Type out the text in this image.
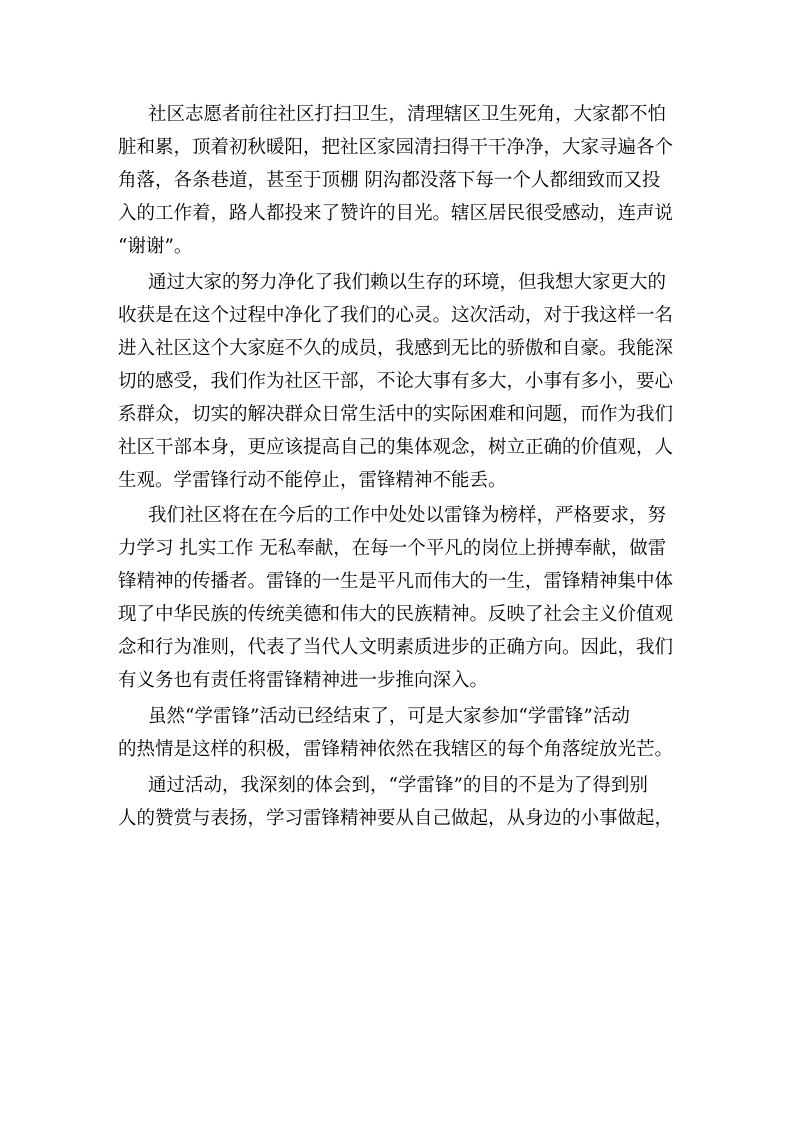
社区志愿者前往社区打扫卫生，清理辖区卫生死角，大家都不怕
脏和累，顶着初秋暖阳，把社区家园清扫得干干净净，大家寻遍各个
角落，各条巷道，甚至于顶棚 阴沟都没落下每一个人都细致而又投
入的工作着，路人都投来了赞许的目光。辖区居民很受感动，连声说
“谢谢”。

通过大家的努力净化了我们赖以生存的环境，但我想大家更大的
收获是在这个过程中净化了我们的心灵。这次活动，对于我这样一名
进入社区这个大家庭不久的成员，我感到无比的骄傲和自豪。我能深
切的感受，我们作为社区干部，不论大事有多大，小事有多小，要心
系群众，切实的解决群众日常生活中的实际困难和问题，而作为我们
社区干部本身，更应该提高自己的集体观念，树立正确的价值观，人
生观。学雷锋行动不能停止，雷锋精神不能丢。

我们社区将在在今后的工作中处处以雷锋为榜样，严格要求，努
力学习 扎实工作 无私奉献，在每一个平凡的岗位上拼搏奉献，做雷
锋精神的传播者。雷锋的一生是平凡而伟大的一生，雷锋精神集中体
现了中华民族的传统美德和伟大的民族精神。反映了社会主义价值观
念和行为准则，代表了当代人文明素质进步的正确方向。因此，我们
有义务也有责任将雷锋精神进一步推向深入。

虽然“学雷锋”活动已经结束了，可是大家参加“学雷锋”活动
的热情是这样的积极，雷锋精神依然在我辖区的每个角落绽放光芒。

通过活动，我深刻的体会到，“学雷锋”的目的不是为了得到别
人的赞赏与表扬，学习雷锋精神要从自己做起，从身边的小事做起，
